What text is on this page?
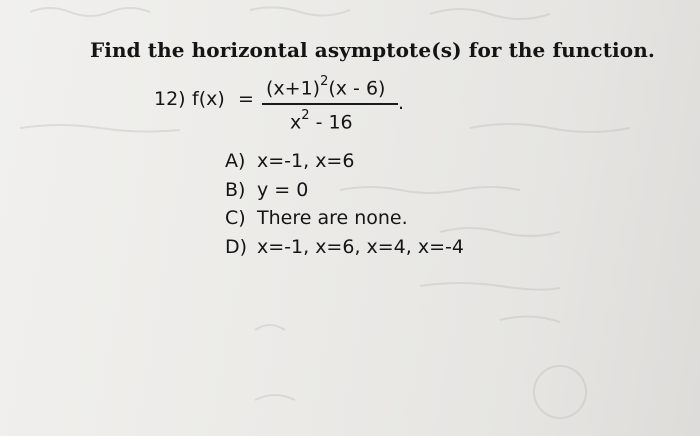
Find the horizontal asymptote(s) for the function.
12) $f(x) = (x+1)^2(x - 6)$
.
$x^2 - 16$
A) x=-1, x=6
B) y = 0
C) There are none.
D) x=-1, x=6, x=4, x=-4
